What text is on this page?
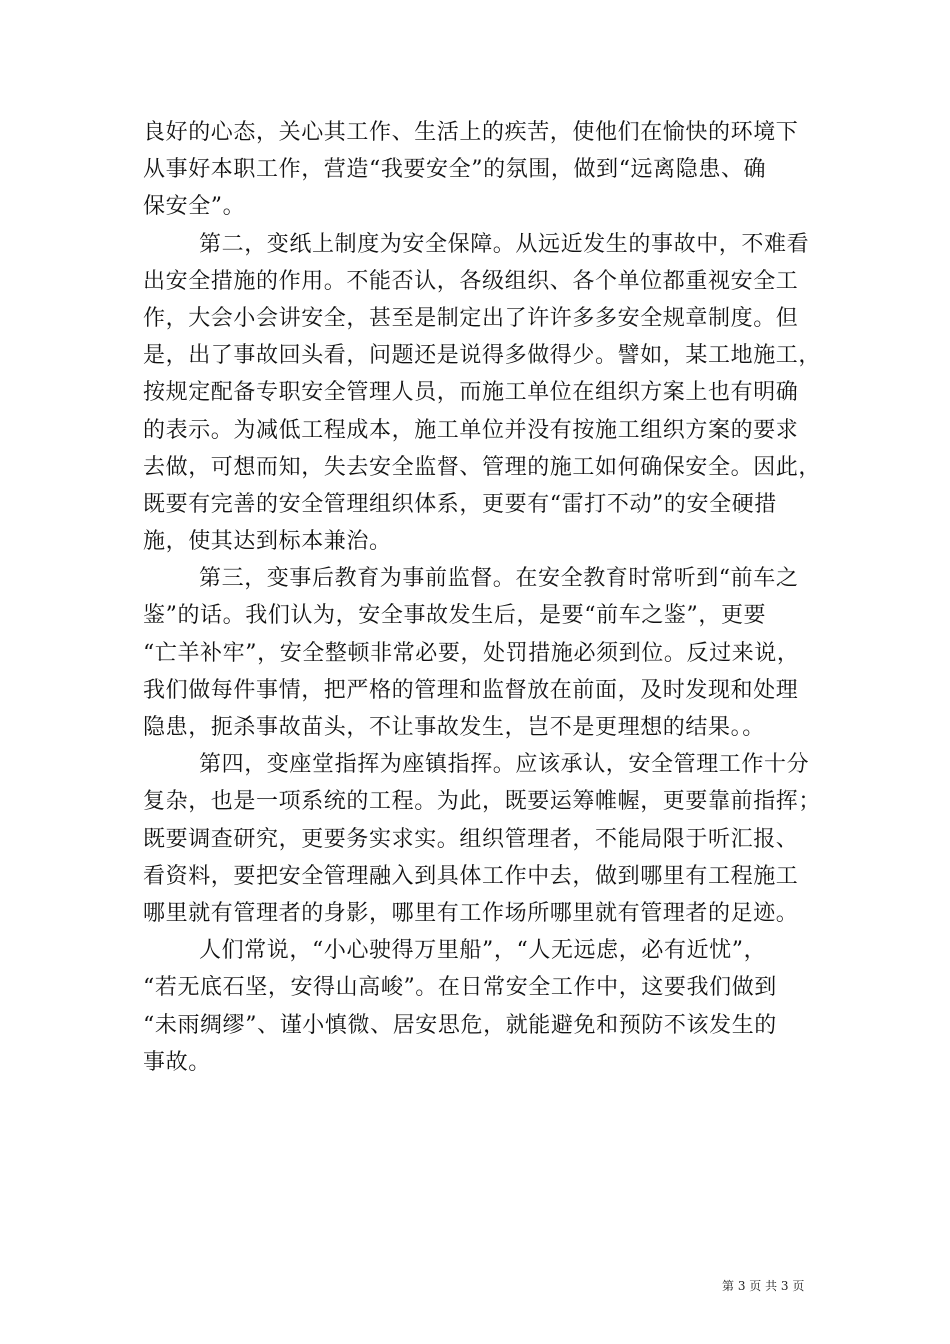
良好的心态，关心其工作、生活上的疾苦，使他们在愉快的环境下
从事好本职工作，营造“我要安全”的氛围，做到“远离隐患、确
保安全”。
第二，变纸上制度为安全保障。从远近发生的事故中，不难看
出安全措施的作用。不能否认，各级组织、各个单位都重视安全工
作，大会小会讲安全，甚至是制定出了许许多多安全规章制度。但
是，出了事故回头看，问题还是说得多做得少。譬如，某工地施工，
按规定配备专职安全管理人员，而施工单位在组织方案上也有明确
的表示。为减低工程成本，施工单位并没有按施工组织方案的要求
去做，可想而知，失去安全监督、管理的施工如何确保安全。因此，
既要有完善的安全管理组织体系，更要有“雷打不动”的安全硬措
施，使其达到标本兼治。
第三，变事后教育为事前监督。在安全教育时常听到“前车之
鉴”的话。我们认为，安全事故发生后，是要“前车之鉴”，更要
“亡羊补牢”，安全整顿非常必要，处罚措施必须到位。反过来说，
我们做每件事情，把严格的管理和监督放在前面，及时发现和处理
隐患，扼杀事故苗头，不让事故发生，岂不是更理想的结果。。
第四，变座堂指挥为座镇指挥。应该承认，安全管理工作十分
复杂，也是一项系统的工程。为此，既要运筹帷幄，更要靠前指挥；
既要调查研究，更要务实求实。组织管理者，不能局限于听汇报、
看资料，要把安全管理融入到具体工作中去，做到哪里有工程施工
哪里就有管理者的身影，哪里有工作场所哪里就有管理者的足迹。
人们常说，“小心驶得万里船”，“人无远虑，必有近忧”，
“若无底石坚，安得山高峻”。在日常安全工作中，这要我们做到
“未雨绸缪”、谨小慎微、居安思危，就能避免和预防不该发生的
事故。
第 3 页 共 3 页
